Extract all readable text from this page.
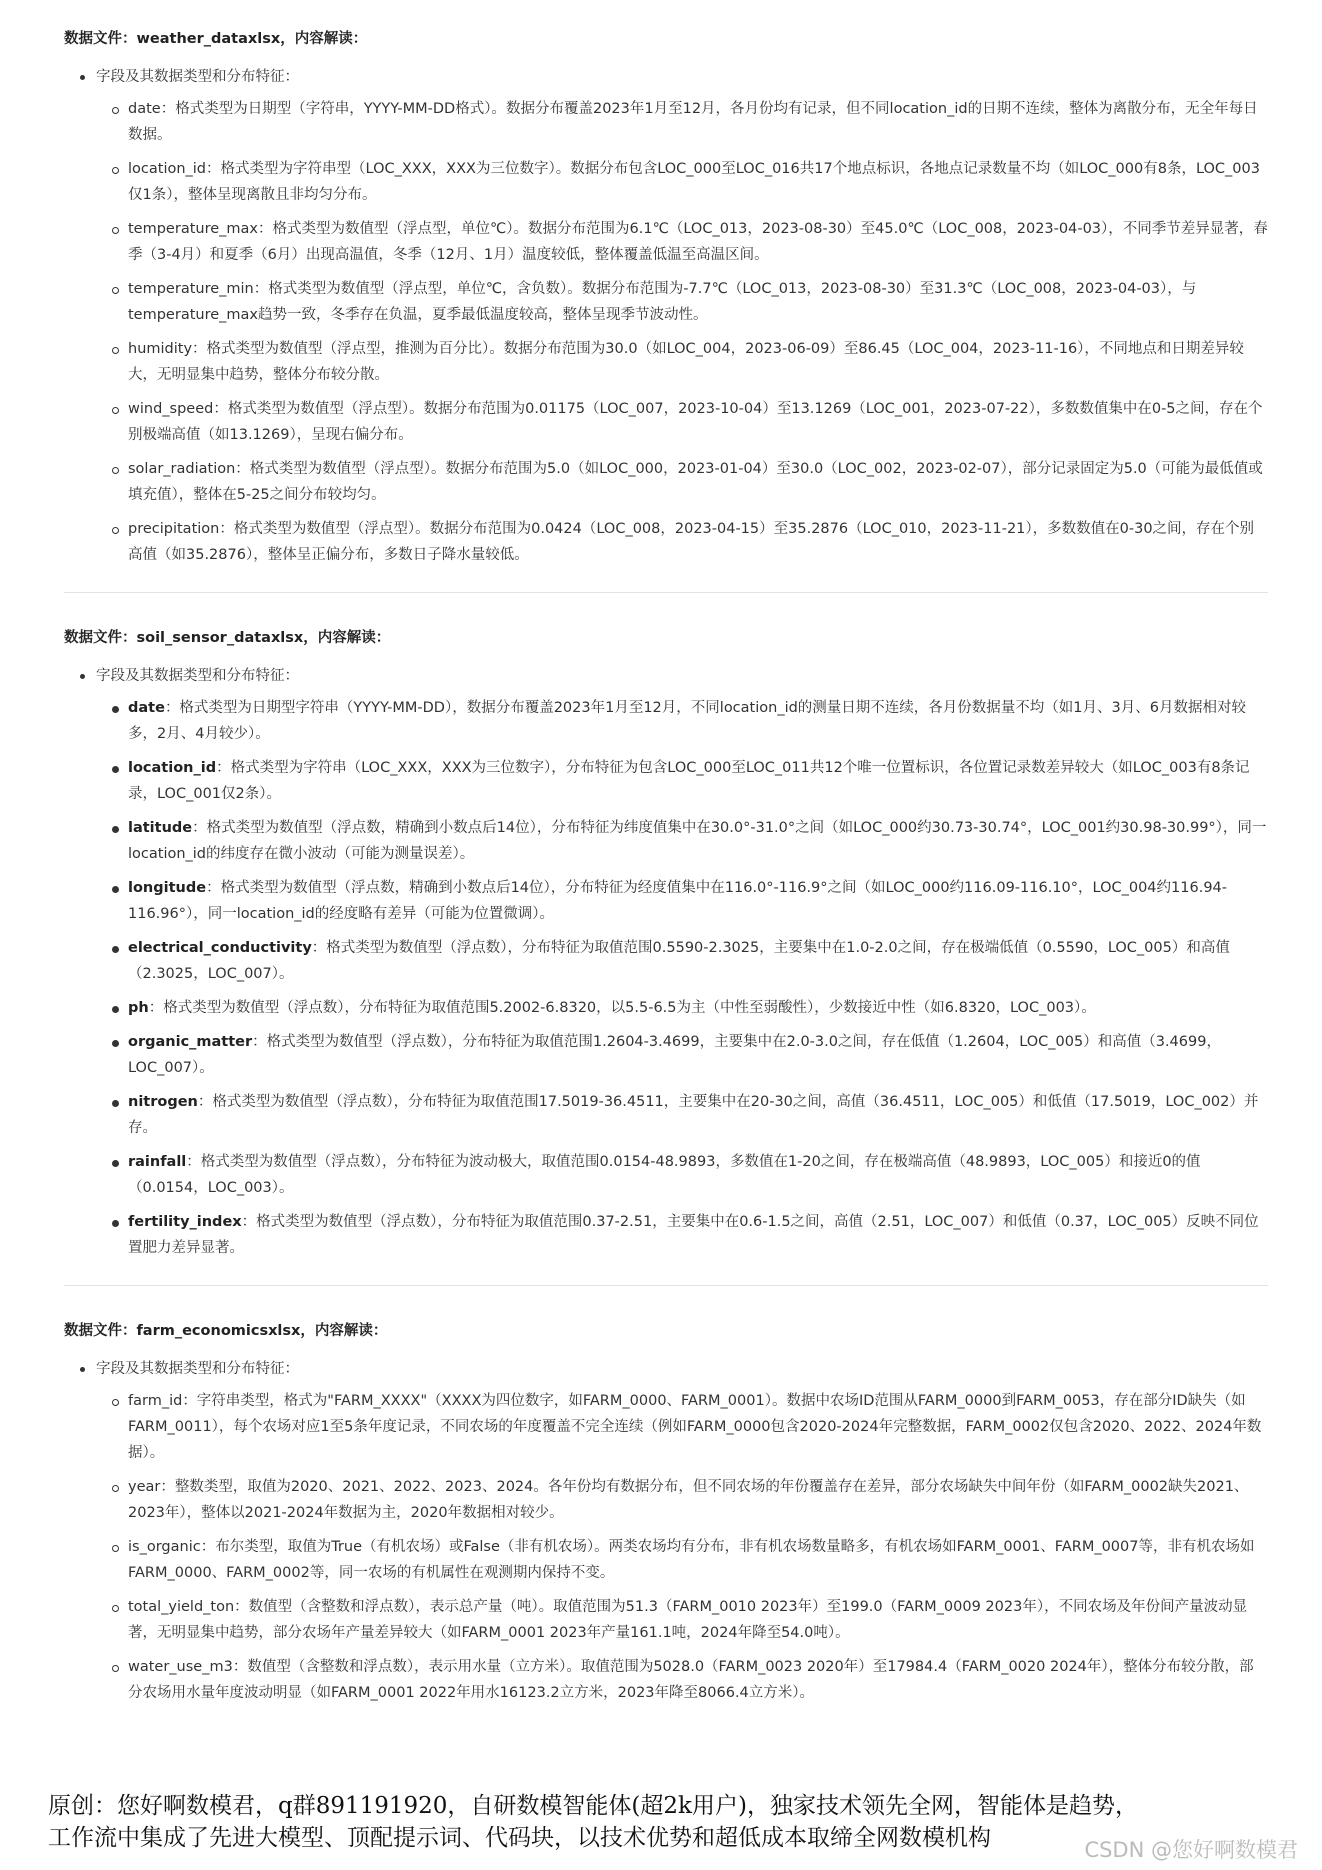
数据文件：weather_dataxlsx，内容解读：
字段及其数据类型和分布特征：
date：格式类型为日期型（字符串，YYYY-MM-DD格式）。数据分布覆盖2023年1月至12月，各月份均有记录，但不同location_id的日期不连续，整体为离散分布，无全年每日数据。
location_id：格式类型为字符串型（LOC_XXX，XXX为三位数字）。数据分布包含LOC_000至LOC_016共17个地点标识，各地点记录数量不均（如LOC_000有8条，LOC_003仅1条），整体呈现离散且非均匀分布。
temperature_max：格式类型为数值型（浮点型，单位℃）。数据分布范围为6.1℃（LOC_013，2023-08-30）至45.0℃（LOC_008，2023-04-03），不同季节差异显著，春季（3-4月）和夏季（6月）出现高温值，冬季（12月、1月）温度较低，整体覆盖低温至高温区间。
temperature_min：格式类型为数值型（浮点型，单位℃，含负数）。数据分布范围为-7.7℃（LOC_013，2023-08-30）至31.3℃（LOC_008，2023-04-03），与temperature_max趋势一致，冬季存在负温，夏季最低温度较高，整体呈现季节波动性。
humidity：格式类型为数值型（浮点型，推测为百分比）。数据分布范围为30.0（如LOC_004，2023-06-09）至86.45（LOC_004，2023-11-16），不同地点和日期差异较大，无明显集中趋势，整体分布较分散。
wind_speed：格式类型为数值型（浮点型）。数据分布范围为0.01175（LOC_007，2023-10-04）至13.1269（LOC_001，2023-07-22），多数数值集中在0-5之间，存在个别极端高值（如13.1269），呈现右偏分布。
solar_radiation：格式类型为数值型（浮点型）。数据分布范围为5.0（如LOC_000，2023-01-04）至30.0（LOC_002，2023-02-07），部分记录固定为5.0（可能为最低值或填充值），整体在5-25之间分布较均匀。
precipitation：格式类型为数值型（浮点型）。数据分布范围为0.0424（LOC_008，2023-04-15）至35.2876（LOC_010，2023-11-21），多数数值在0-30之间，存在个别高值（如35.2876），整体呈正偏分布，多数日子降水量较低。
数据文件：soil_sensor_dataxlsx，内容解读：
字段及其数据类型和分布特征：
date：格式类型为日期型字符串（YYYY-MM-DD），数据分布覆盖2023年1月至12月，不同location_id的测量日期不连续，各月份数据量不均（如1月、3月、6月数据相对较多，2月、4月较少）。
location_id：格式类型为字符串（LOC_XXX，XXX为三位数字），分布特征为包含LOC_000至LOC_011共12个唯一位置标识，各位置记录数差异较大（如LOC_003有8条记录，LOC_001仅2条）。
latitude：格式类型为数值型（浮点数，精确到小数点后14位），分布特征为纬度值集中在30.0°-31.0°之间（如LOC_000约30.73-30.74°，LOC_001约30.98-30.99°），同一location_id的纬度存在微小波动（可能为测量误差）。
longitude：格式类型为数值型（浮点数，精确到小数点后14位），分布特征为经度值集中在116.0°-116.9°之间（如LOC_000约116.09-116.10°，LOC_004约116.94-116.96°），同一location_id的经度略有差异（可能为位置微调）。
electrical_conductivity：格式类型为数值型（浮点数），分布特征为取值范围0.5590-2.3025，主要集中在1.0-2.0之间，存在极端低值（0.5590，LOC_005）和高值（2.3025，LOC_007）。
ph：格式类型为数值型（浮点数），分布特征为取值范围5.2002-6.8320，以5.5-6.5为主（中性至弱酸性），少数接近中性（如6.8320，LOC_003）。
organic_matter：格式类型为数值型（浮点数），分布特征为取值范围1.2604-3.4699，主要集中在2.0-3.0之间，存在低值（1.2604，LOC_005）和高值（3.4699，LOC_007）。
nitrogen：格式类型为数值型（浮点数），分布特征为取值范围17.5019-36.4511，主要集中在20-30之间，高值（36.4511，LOC_005）和低值（17.5019，LOC_002）并存。
rainfall：格式类型为数值型（浮点数），分布特征为波动极大，取值范围0.0154-48.9893，多数值在1-20之间，存在极端高值（48.9893，LOC_005）和接近0的值（0.0154，LOC_003）。
fertility_index：格式类型为数值型（浮点数），分布特征为取值范围0.37-2.51，主要集中在0.6-1.5之间，高值（2.51，LOC_007）和低值（0.37，LOC_005）反映不同位置肥力差异显著。
数据文件：farm_economicsxlsx，内容解读：
字段及其数据类型和分布特征：
farm_id：字符串类型，格式为"FARM_XXXX"（XXXX为四位数字，如FARM_0000、FARM_0001）。数据中农场ID范围从FARM_0000到FARM_0053，存在部分ID缺失（如FARM_0011），每个农场对应1至5条年度记录，不同农场的年度覆盖不完全连续（例如FARM_0000包含2020-2024年完整数据，FARM_0002仅包含2020、2022、2024年数据）。
year：整数类型，取值为2020、2021、2022、2023、2024。各年份均有数据分布，但不同农场的年份覆盖存在差异，部分农场缺失中间年份（如FARM_0002缺失2021、2023年），整体以2021-2024年数据为主，2020年数据相对较少。
is_organic：布尔类型，取值为True（有机农场）或False（非有机农场）。两类农场均有分布，非有机农场数量略多，有机农场如FARM_0001、FARM_0007等，非有机农场如FARM_0000、FARM_0002等，同一农场的有机属性在观测期内保持不变。
total_yield_ton：数值型（含整数和浮点数），表示总产量（吨）。取值范围为51.3（FARM_0010 2023年）至199.0（FARM_0009 2023年），不同农场及年份间产量波动显著，无明显集中趋势，部分农场年产量差异较大（如FARM_0001 2023年产量161.1吨，2024年降至54.0吨）。
water_use_m3：数值型（含整数和浮点数），表示用水量（立方米）。取值范围为5028.0（FARM_0023 2020年）至17984.4（FARM_0020 2024年），整体分布较分散，部分农场用水量年度波动明显（如FARM_0001 2022年用水16123.2立方米，2023年降至8066.4立方米）。
原创：您好啊数模君，q群891191920，自研数模智能体(超2k用户)，独家技术领先全网，智能体是趋势，
工作流中集成了先进大模型、顶配提示词、代码块，以技术优势和超低成本取缔全网数模机构	CSDN @您好啊数模君
